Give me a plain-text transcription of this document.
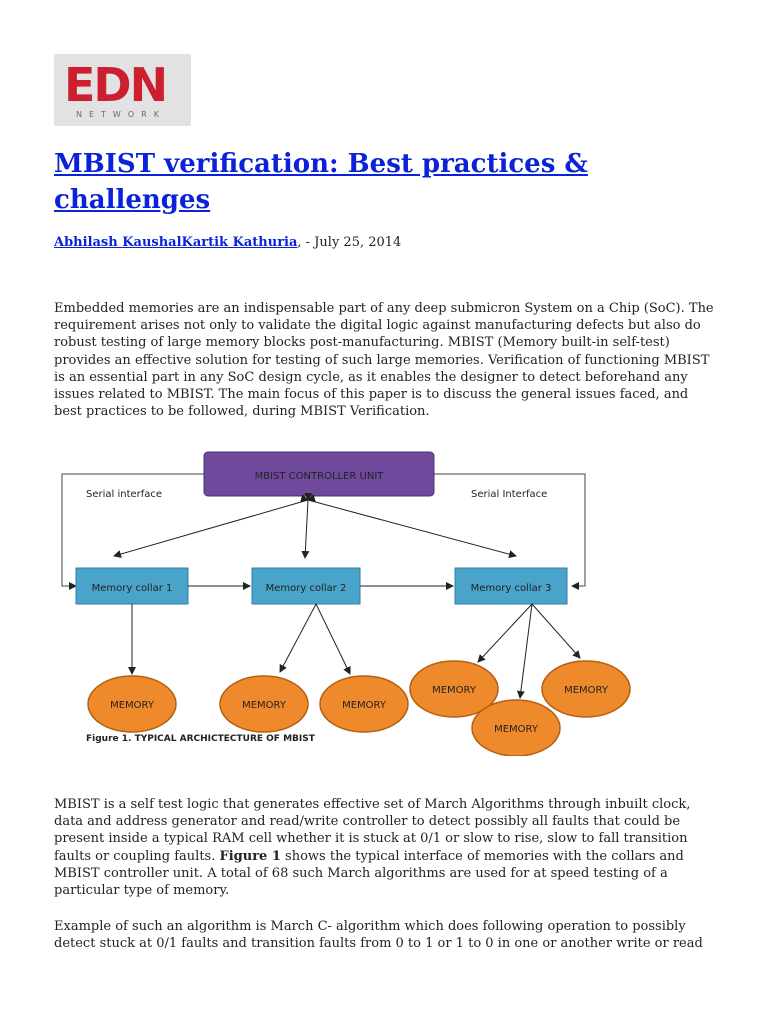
EDN
NETWORK
MBIST verification: Best practices & challenges
Abhilash KaushalKartik Kathuria, - July 25, 2014

Embedded memories are an indispensable part of any deep submicron System on a Chip (SoC). The requirement arises not only to validate the digital logic against manufacturing defects but also do robust testing of large memory blocks post-manufacturing. MBIST (Memory built-in self-test) provides an effective solution for testing of such large memories. Verification of functioning MBIST is an essential part in any SoC design cycle, as it enables the designer to detect beforehand any issues related to MBIST. The main focus of this paper is to discuss the general issues faced, and best practices to be followed, during MBIST Verification.

MBIST CONTROLLER UNIT
Serial interface	Serial Interface
Memory collar 1	Memory collar 2	Memory collar 3
MEMORY	MEMORY	MEMORY
MEMORY
MEMORY
MEMORY
Figure 1. TYPICAL ARCHICTECTURE OF MBIST

MBIST is a self test logic that generates effective set of March Algorithms through inbuilt clock, data and address generator and read/write controller to detect possibly all faults that could be present inside a typical RAM cell whether it is stuck at 0/1 or slow to rise, slow to fall transition faults or coupling faults. Figure 1 shows the typical interface of memories with the collars and MBIST controller unit. A total of 68 such March algorithms are used for at speed testing of a particular type of memory.

Example of such an algorithm is March C- algorithm which does following operation to possibly detect stuck at 0/1 faults and transition faults from 0 to 1 or 1 to 0 in one or another write or read
